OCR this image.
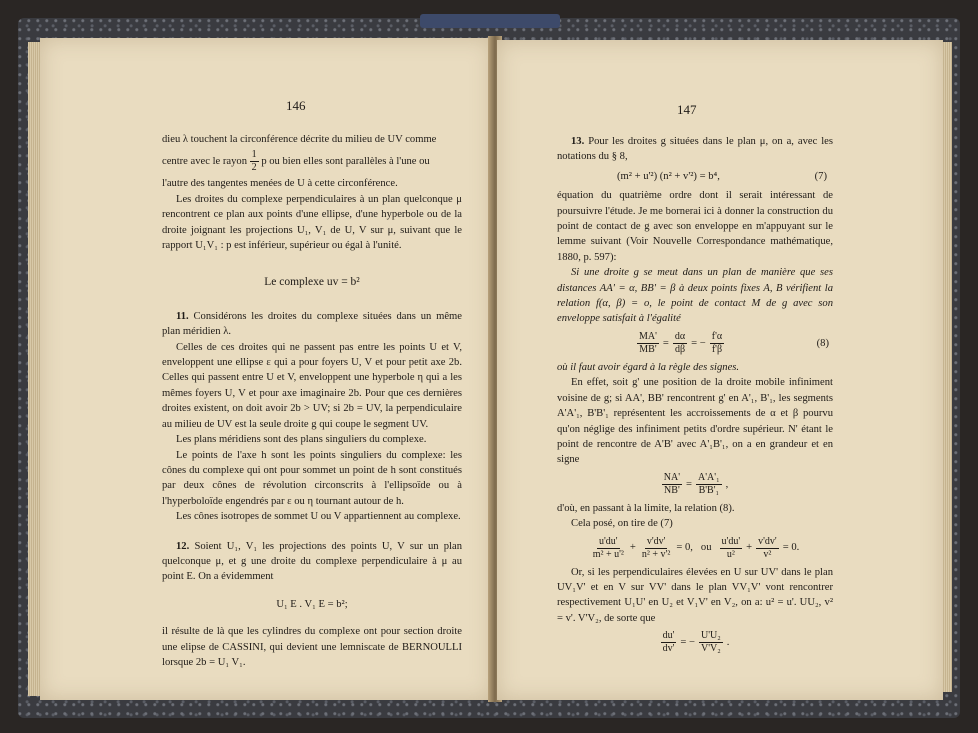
146

dieu λ touchent la circonférence décrite du milieu de UV comme

centre avec le rayon $\frac{1}{2}$ p ou bien elles sont parallèles à l'une ou

l'autre des tangentes menées de U à cette circonférence.

Les droites du complexe perpendiculaires à un plan quelconque μ rencontrent ce plan aux points d'une ellipse, d'une hyperbole ou de la droite joignant les projections U₁, V₁ de U, V sur μ, suivant que le rapport U₁V₁ : p est inférieur, supérieur ou égal à l'unité.

Le complexe uv = b²

11. Considérons les droites du complexe situées dans un même plan méridien λ.

Celles de ces droites qui ne passent pas entre les points U et V, enveloppent une ellipse ε qui a pour foyers U, V et pour petit axe 2b. Celles qui passent entre U et V, enveloppent une hyperbole η qui a les mêmes foyers U, V et pour axe imaginaire 2b. Pour que ces dernières droites existent, on doit avoir 2b > UV; si 2b = UV, la perpendiculaire au milieu de UV est la seule droite g qui coupe le segment UV.

Les plans méridiens sont des plans singuliers du complexe.

Le points de l'axe h sont les points singuliers du complexe: les cônes du complexe qui ont pour sommet un point de h sont constitués par deux cônes de révolution circonscrits à l'ellipsoïde ou à l'hyperboloïde engendrés par ε ou η tournant autour de h.

Les cônes isotropes de sommet U ou V appartiennent au complexe.

12. Soient U₁, V₁ les projections des points U, V sur un plan quelconque μ, et g une droite du complexe perpendiculaire à μ au point E. On a évidemment

U₁ E . V₁ E = b²;

il résulte de là que les cylindres du complexe ont pour section droite une elipse de CASSINI, qui devient une lemniscate de BERNOULLI lorsque 2b = U₁ V₁.

147

13. Pour les droites g situées dans le plan μ, on a, avec les notations du § 8,

(m² + u'²) (n² + v'²) = b⁴,	(7)

équation du quatrième ordre dont il serait intéressant de poursuivre l'étude. Je me bornerai ici à donner la construction du point de contact de g avec son enveloppe en m'appuyant sur le lemme suivant (Voir Nouvelle Correspondance mathématique, 1880, p. 597):

Si une droite g se meut dans un plan de manière que ses distances AA' = α, BB' = β à deux points fixes A, B vérifient la relation f(α, β) = o, le point de contact M de g avec son enveloppe satisfait à l'égalité

$\frac{MA'}{MB'} = \frac{d\alpha}{d\beta}$ = − $\frac{f'\alpha}{f'\beta}$	(8)

où il faut avoir égard à la règle des signes.

En effet, soit g' une position de la droite mobile infiniment voisine de g; si AA', BB' rencontrent g' en A'₁, B'₁, les segments A'A'₁, B'B'₁ représentent les accroissements de α et β pourvu qu'on néglige des infiniment petits d'ordre supérieur. N' étant le point de rencontre de A'B' avec A'₁B'₁, on a en grandeur et en signe

$\frac{NA'}{NB'} = \frac{\text{A'A'₁}}{\text{B'B'₁}}$ ,

d'où, en passant à la limite, la relation (8).

Cela posé, on tire de (7)

$\frac{u'du'}{\text{m² + u'²}} + \frac{v'dv'}{\text{n² + v'²}} = 0$, ou $\frac{u'du'}{\text{u²}} + \frac{v'dv'}{\text{v²}} = 0$.

Or, si les perpendiculaires élevées en U sur UV' dans le plan UV₁V' et en V sur VV' dans le plan VV₁V' vont rencontrer respectivement U₁U' en U₂ et V₁V' en V₂, on a: u² = u'. UU₂, v² = v'. V'V₂, de sorte que

$\frac{du'}{dv'}$ = − $\frac{\text{U'U₂}}{\text{V'V₂}}$ .
